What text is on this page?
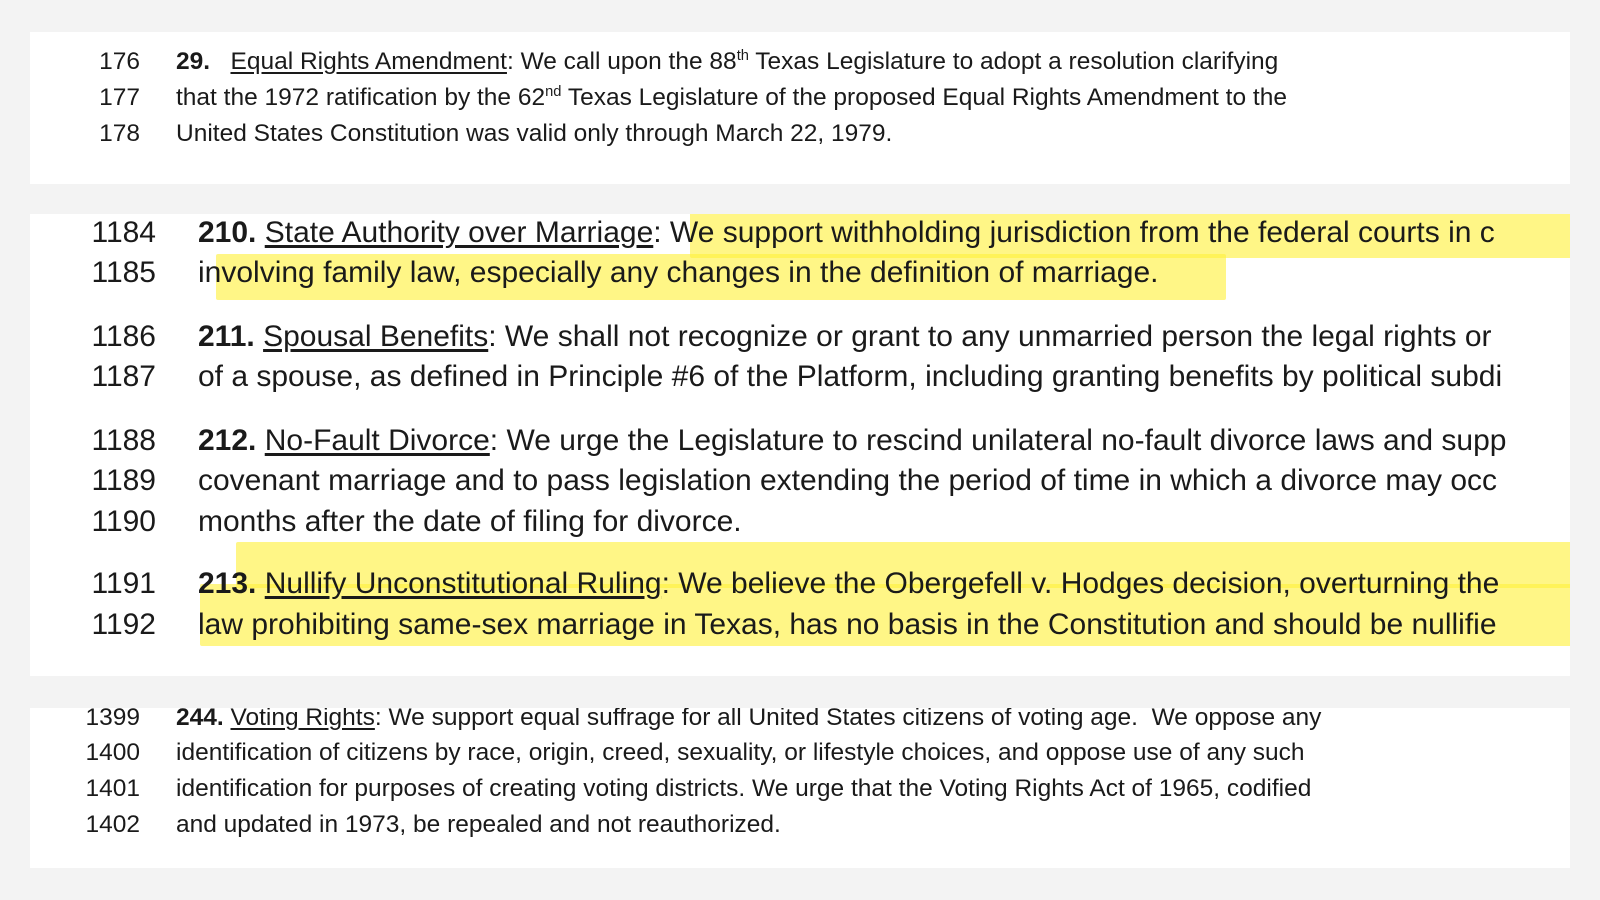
176 29. Equal Rights Amendment: We call upon the 88th Texas Legislature to adopt a resolution clarifying
177 that the 1972 ratification by the 62nd Texas Legislature of the proposed Equal Rights Amendment to the
178 United States Constitution was valid only through March 22, 1979.
1184 210. State Authority over Marriage: We support withholding jurisdiction from the federal courts in c
1185 involving family law, especially any changes in the definition of marriage.
1186 211. Spousal Benefits: We shall not recognize or grant to any unmarried person the legal rights or
1187 of a spouse, as defined in Principle #6 of the Platform, including granting benefits by political subdi
1188 212. No-Fault Divorce: We urge the Legislature to rescind unilateral no-fault divorce laws and supp
1189 covenant marriage and to pass legislation extending the period of time in which a divorce may occ
1190 months after the date of filing for divorce.
1191 213. Nullify Unconstitutional Ruling: We believe the Obergefell v. Hodges decision, overturning the
1192 law prohibiting same-sex marriage in Texas, has no basis in the Constitution and should be nullifie
1399 244. Voting Rights: We support equal suffrage for all United States citizens of voting age.  We oppose any
1400 identification of citizens by race, origin, creed, sexuality, or lifestyle choices, and oppose use of any such
1401 identification for purposes of creating voting districts. We urge that the Voting Rights Act of 1965, codified
1402 and updated in 1973, be repealed and not reauthorized.
